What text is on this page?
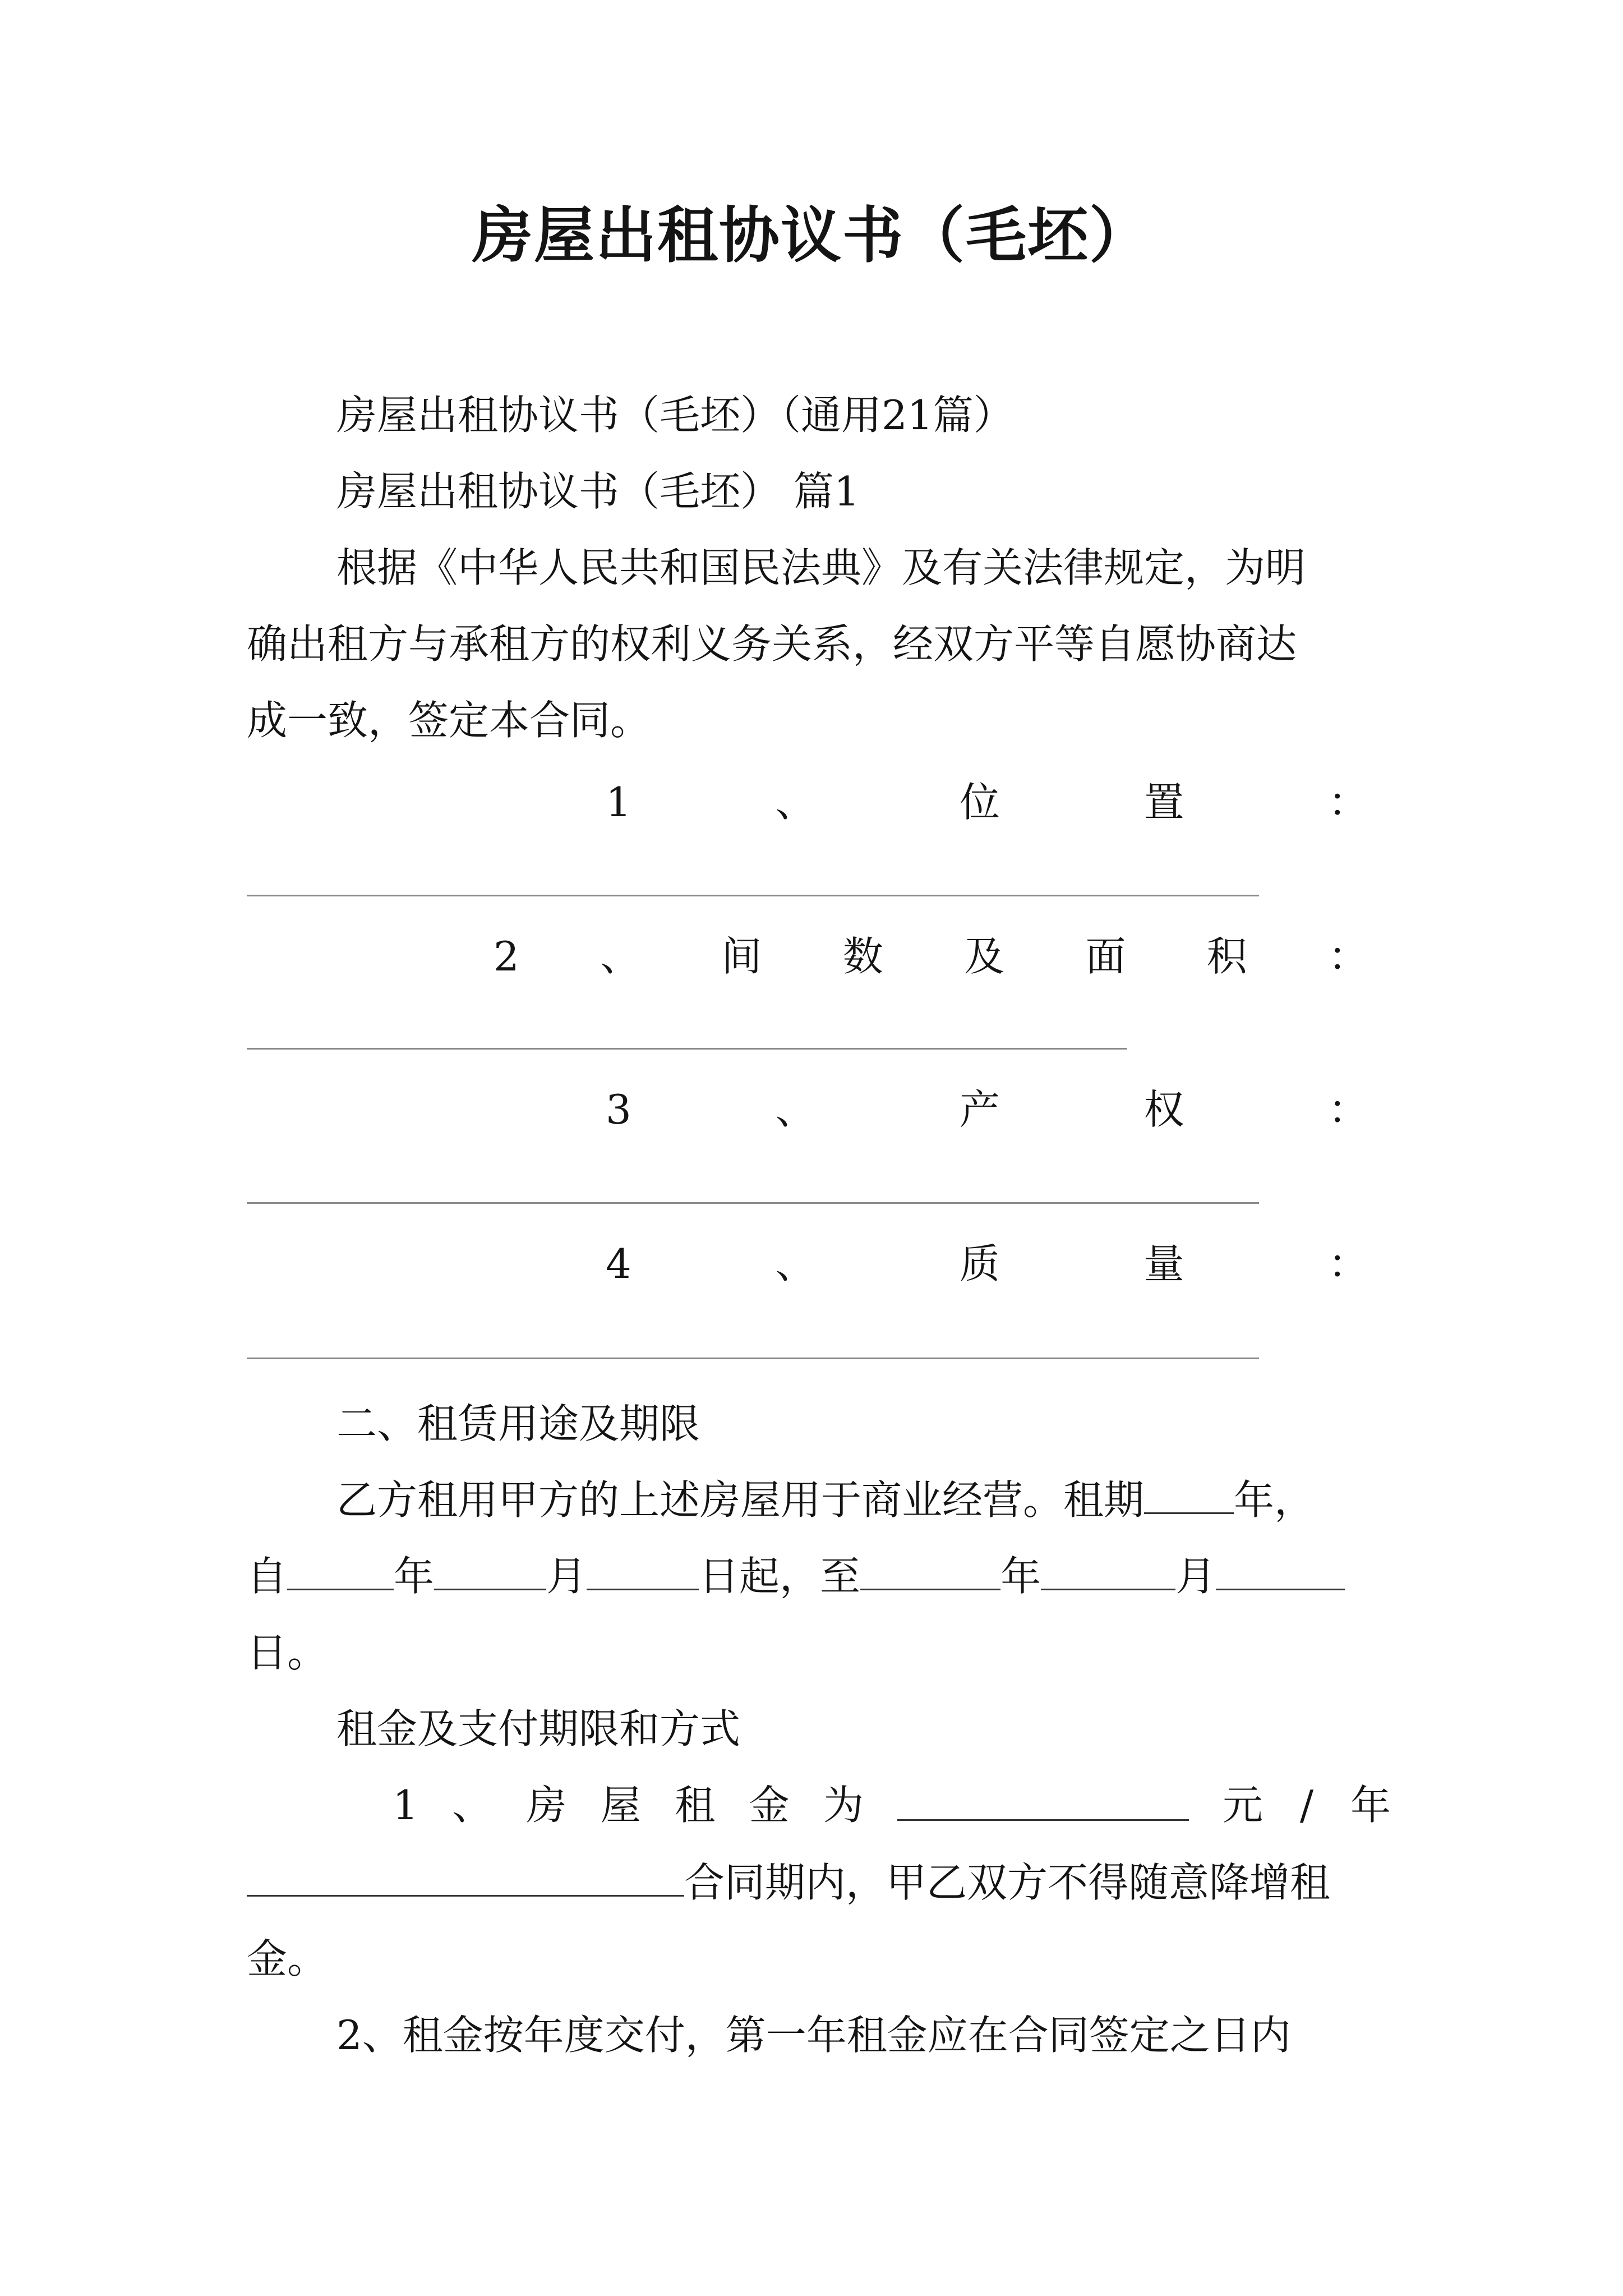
房屋出租协议书（毛坯）
房屋出租协议书（毛坯）（通用21篇）
房屋出租协议书（毛坯） 篇1
根据《中华人民共和国民法典》及有关法律规定，为明
确出租方与承租方的权利义务关系，经双方平等自愿协商达
成一致，签定本合同。
1	、	位	置	：
2 、 间 数 及 面 积 ：
3	、	产	权	：
4	、	质	量	：
二、租赁用途及期限
乙方租用甲方的上述房屋用于商业经营。租期 年，
自	年	月	日起，至	年	月
日。
租金及支付期限和方式
1 、 房 屋 租 金 为	元 / 年
合同期内，甲乙双方不得随意降增租
金。
2、租金按年度交付，第一年租金应在合同签定之日内
